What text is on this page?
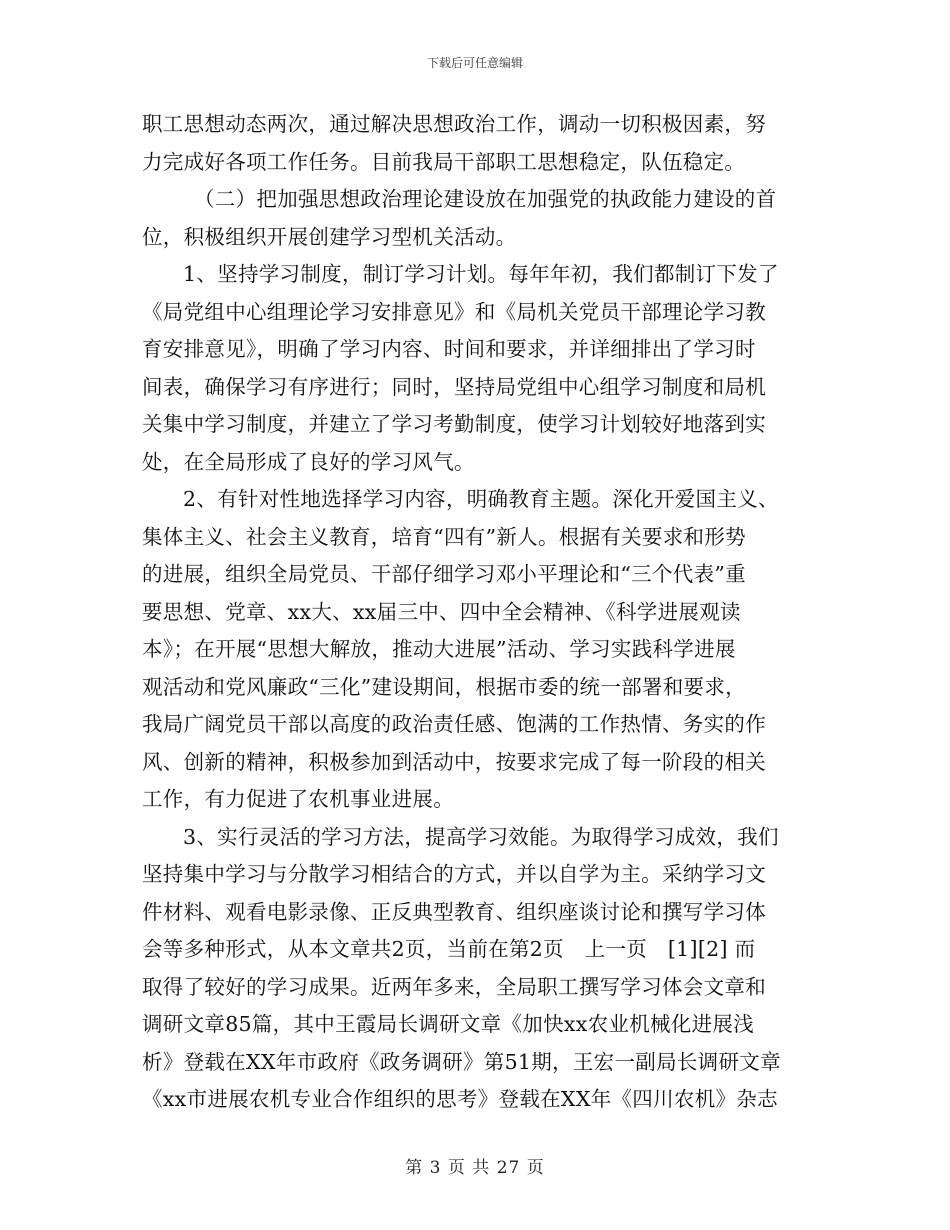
下载后可任意编辑
职工思想动态两次，通过解决思想政治工作，调动一切积极因素，努
力完成好各项工作任务。目前我局干部职工思想稳定，队伍稳定。
（二）把加强思想政治理论建设放在加强党的执政能力建设的首
位，积极组织开展创建学习型机关活动。
1、坚持学习制度，制订学习计划。每年年初，我们都制订下发了
《局党组中心组理论学习安排意见》和《局机关党员干部理论学习教
育安排意见》，明确了学习内容、时间和要求，并详细排出了学习时
间表，确保学习有序进行；同时，坚持局党组中心组学习制度和局机
关集中学习制度，并建立了学习考勤制度，使学习计划较好地落到实
处，在全局形成了良好的学习风气。
2、有针对性地选择学习内容，明确教育主题。深化开爱国主义、
集体主义、社会主义教育，培育“四有”新人。根据有关要求和形势
的进展，组织全局党员、干部仔细学习邓小平理论和“三个代表”重
要思想、党章、xx大、xx届三中、四中全会精神、《科学进展观读
本》；在开展“思想大解放，推动大进展”活动、学习实践科学进展
观活动和党风廉政“三化”建设期间，根据市委的统一部署和要求，
我局广阔党员干部以高度的政治责任感、饱满的工作热情、务实的作
风、创新的精神，积极参加到活动中，按要求完成了每一阶段的相关
工作，有力促进了农机事业进展。
3、实行灵活的学习方法，提高学习效能。为取得学习成效，我们
坚持集中学习与分散学习相结合的方式，并以自学为主。采纳学习文
件材料、观看电影录像、正反典型教育、组织座谈讨论和撰写学习体
会等多种形式，从本文章共2页，当前在第2页　上一页　[1][2] 而
取得了较好的学习成果。近两年多来，全局职工撰写学习体会文章和
调研文章85篇，其中王霞局长调研文章《加快xx农业机械化进展浅
析》登载在XX年市政府《政务调研》第51期，王宏一副局长调研文章
《xx市进展农机专业合作组织的思考》登载在XX年《四川农机》杂志
第 3 页 共 27 页
